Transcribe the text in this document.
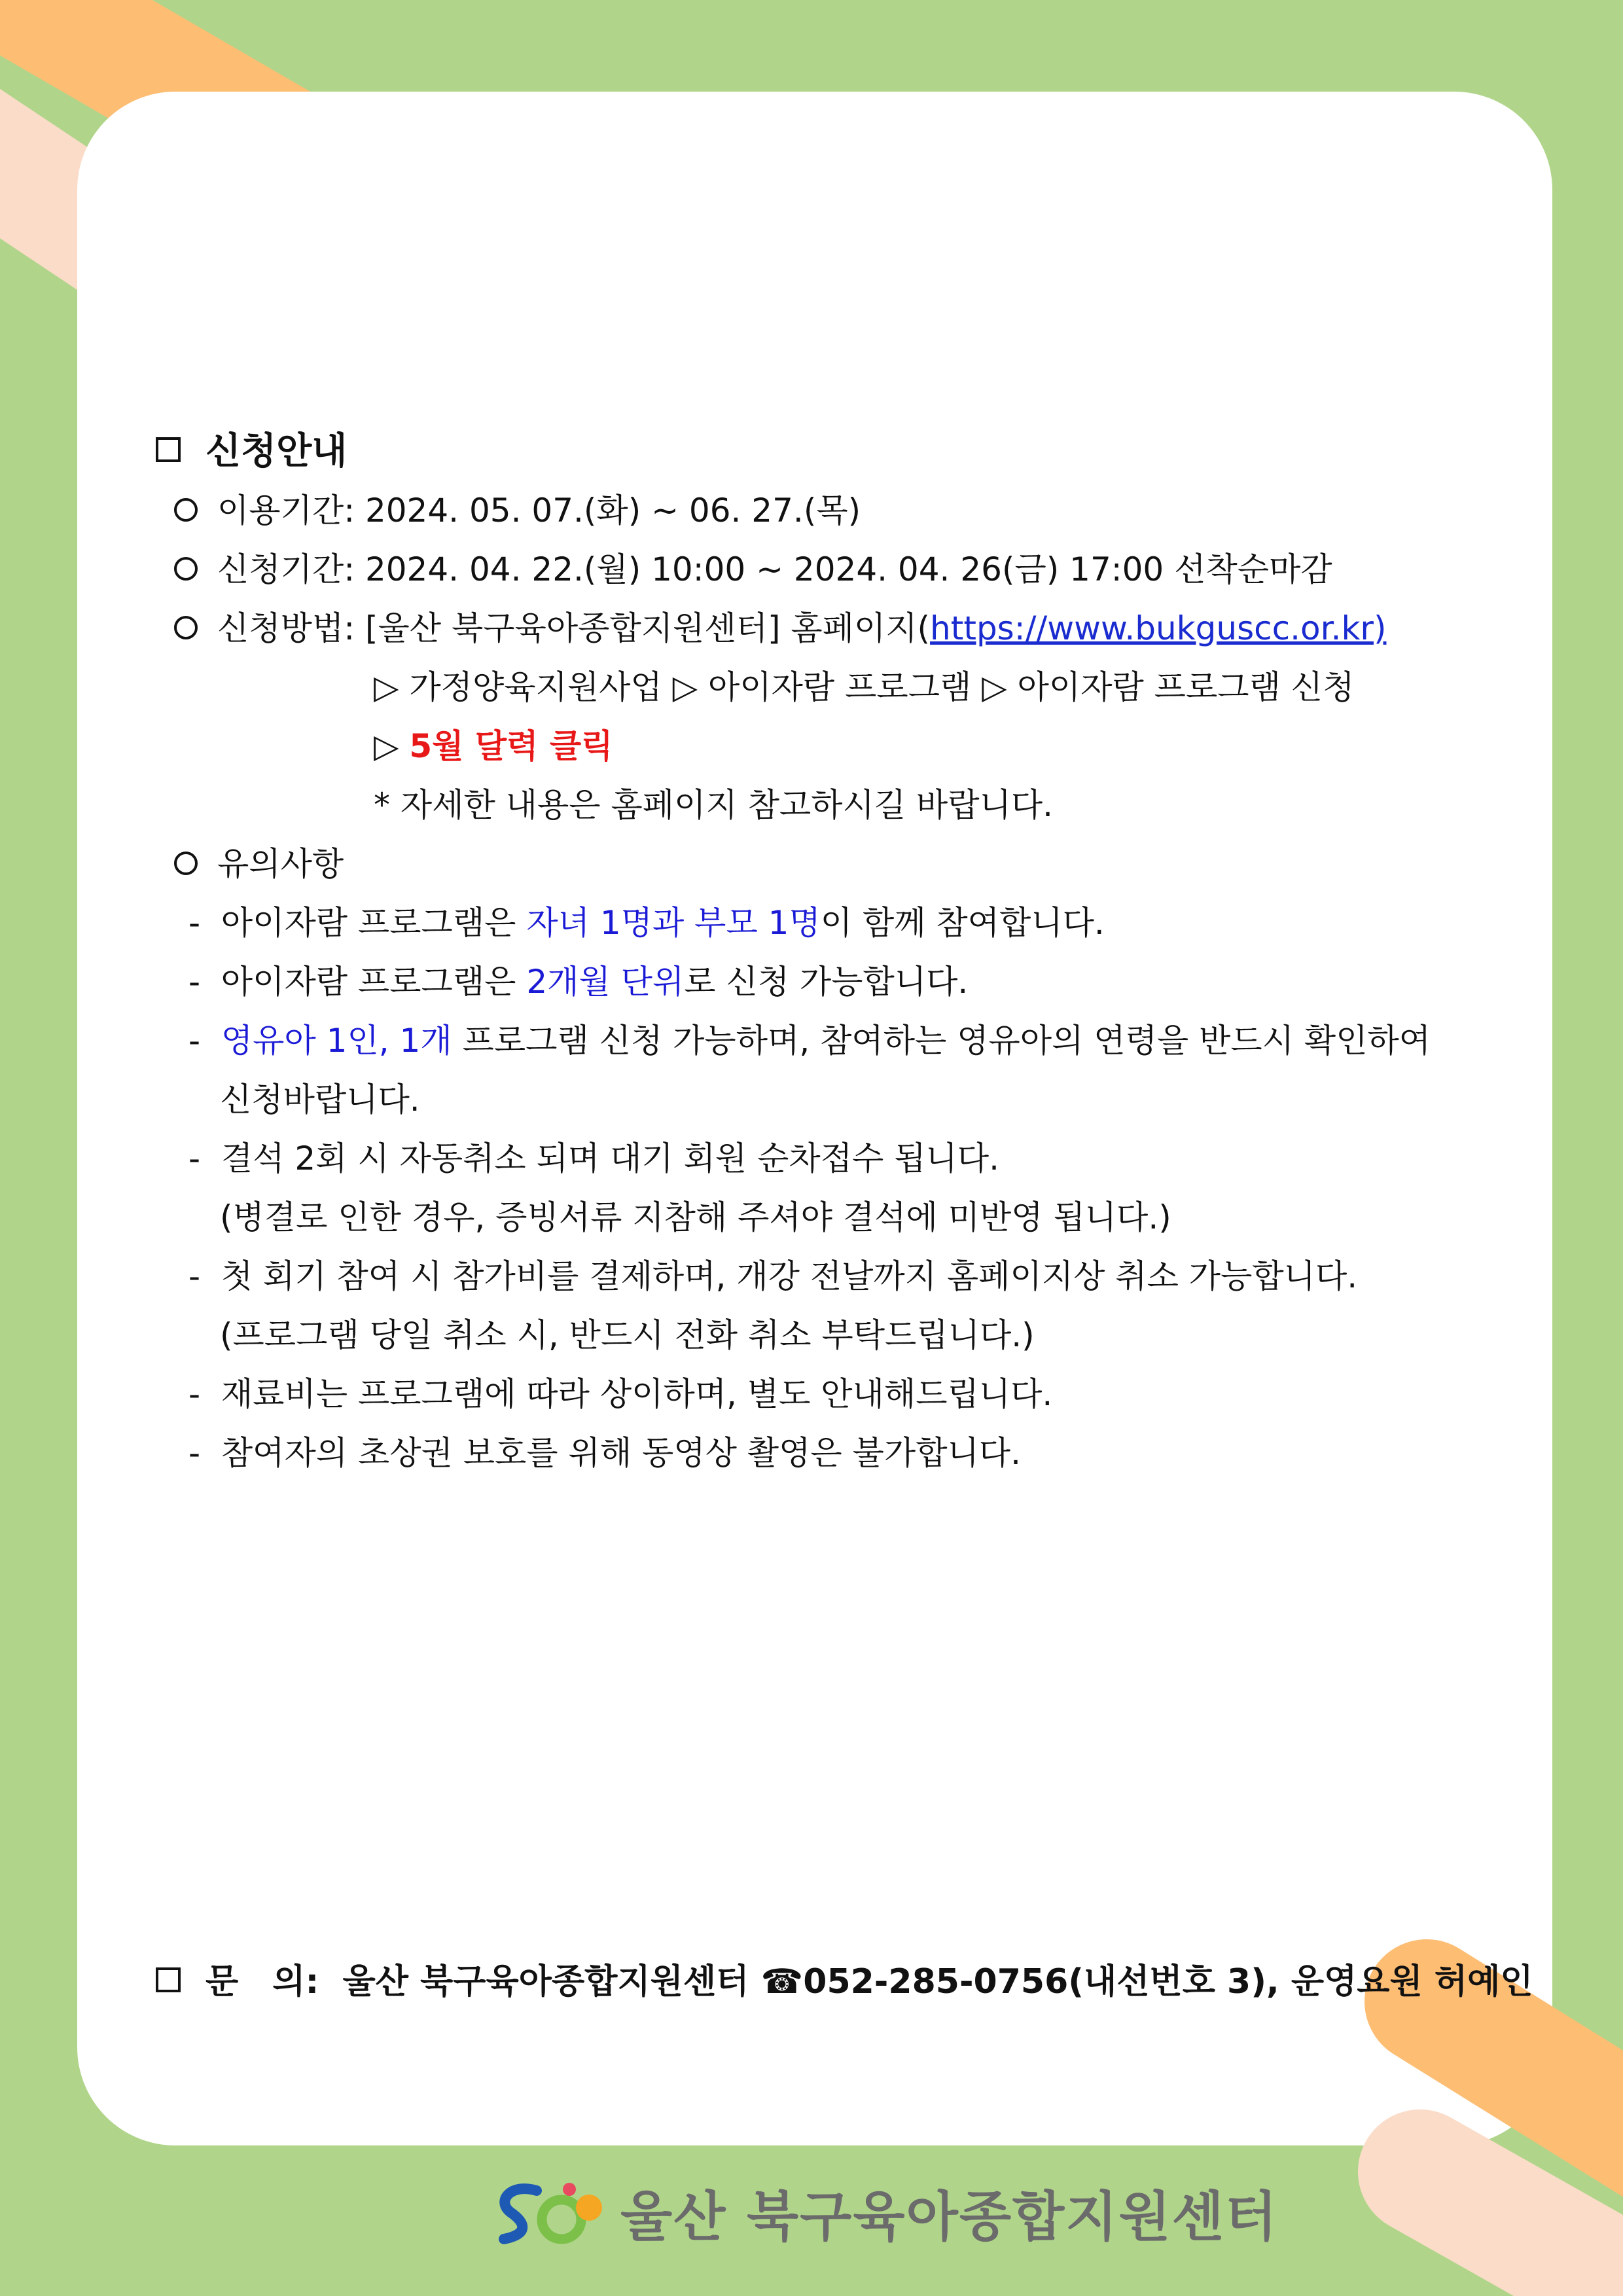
신청안내
이용기간: 2024. 05. 07.(화) ~ 06. 27.(목)
신청기간: 2024. 04. 22.(월) 10:00 ~ 2024. 04. 26(금) 17:00 선착순마감
신청방법: [울산 북구육아종합지원센터] 홈페이지(https://www.bukguscc.or.kr)
▷ 가정양육지원사업 ▷ 아이자람 프로그램 ▷ 아이자람 프로그램 신청
▷ 5월 달력 클릭
* 자세한 내용은 홈페이지 참고하시길 바랍니다.
유의사항
- 아이자람 프로그램은 자녀 1명과 부모 1명이 함께 참여합니다.
- 아이자람 프로그램은 2개월 단위로 신청 가능합니다.
- 영유아 1인, 1개 프로그램 신청 가능하며, 참여하는 영유아의 연령을 반드시 확인하여
신청바랍니다.
- 결석 2회 시 자동취소 되며 대기 회원 순차접수 됩니다.
(병결로 인한 경우, 증빙서류 지참해 주셔야 결석에 미반영 됩니다.)
- 첫 회기 참여 시 참가비를 결제하며, 개강 전날까지 홈페이지상 취소 가능합니다.
(프로그램 당일 취소 시, 반드시 전화 취소 부탁드립니다.)
- 재료비는 프로그램에 따라 상이하며, 별도 안내해드립니다.
- 참여자의 초상권 보호를 위해 동영상 촬영은 불가합니다.
문　의: 울산 북구육아종합지원센터 ☎052-285-0756(내선번호 3), 운영요원 허예인
울산 북구육아종합지원센터
